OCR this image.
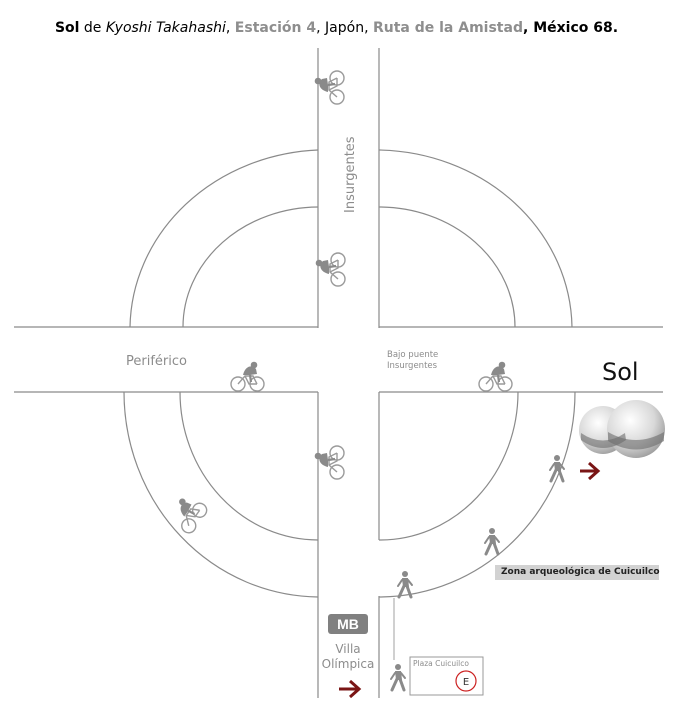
Sol de Kyoshi Takahashi, Estación 4, Japón, Ruta de la Amistad, México 68.
Insurgentes
Periférico	Bajo puente
Insurgentes
MB
Villa
Olímpica	Plaza Cuicuilco
E
Sol
Zona arqueológica de Cuicuilco
